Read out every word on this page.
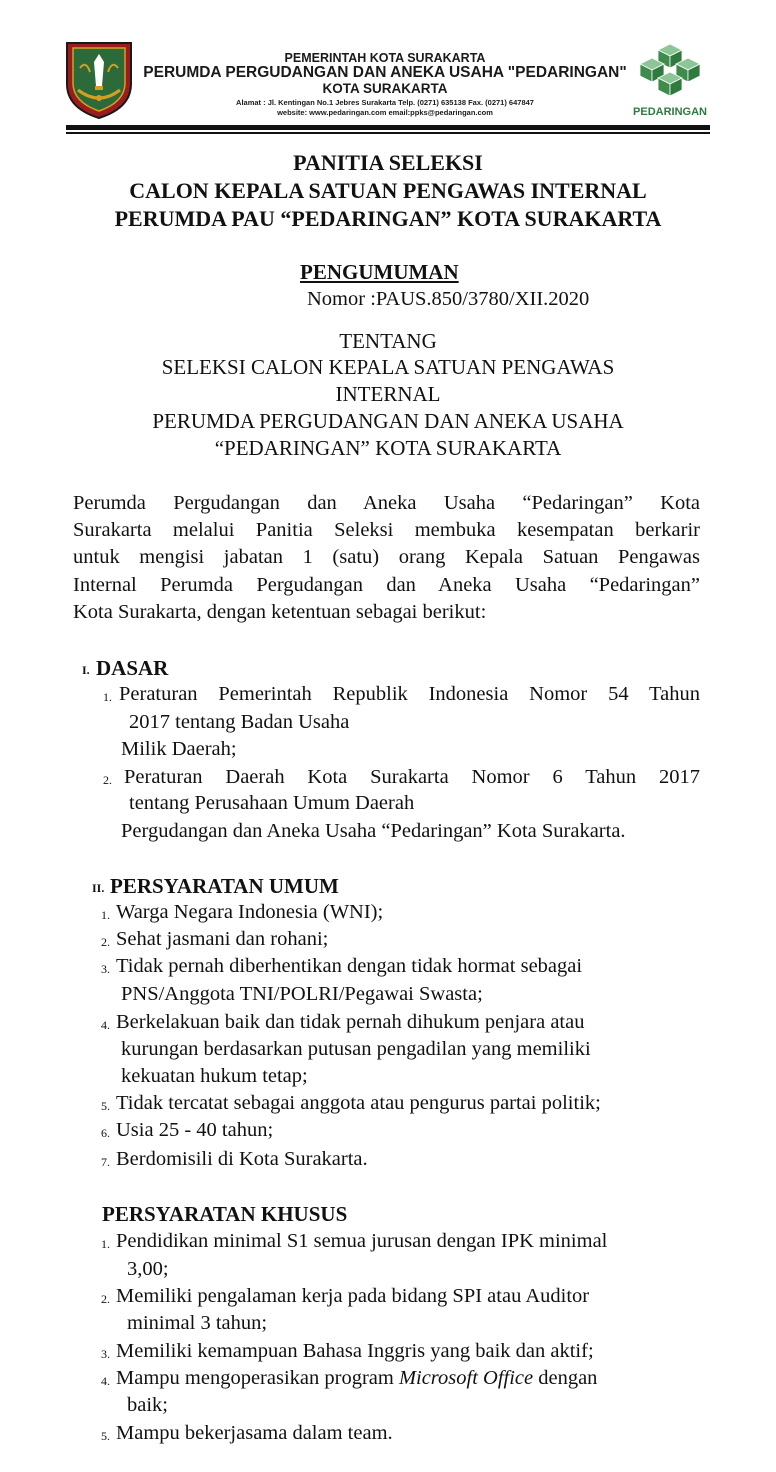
PEMERINTAH KOTA SURAKARTA
PERUMDA PERGUDANGAN DAN ANEKA USAHA "PEDARINGAN"
KOTA SURAKARTA
Alamat : Jl. Kentingan No.1 Jebres Surakarta Telp. (0271) 635138 Fax. (0271) 647847
website: www.pedaringan.com email:ppks@pedaringan.com	PEDARINGAN
PANITIA SELEKSI
CALON KEPALA SATUAN PENGAWAS INTERNAL
PERUMDA PAU “PEDARINGAN” KOTA SURAKARTA
PENGUMUMAN
Nomor :PAUS.850/3780/XII.2020
TENTANG
SELEKSI CALON KEPALA SATUAN PENGAWAS
INTERNAL
PERUMDA PERGUDANGAN DAN ANEKA USAHA
“PEDARINGAN” KOTA SURAKARTA
Perumda Pergudangan dan Aneka Usaha “Pedaringan” Kota
Surakarta melalui Panitia Seleksi membuka kesempatan berkarir
untuk mengisi jabatan 1 (satu) orang Kepala Satuan Pengawas
Internal Perumda Pergudangan dan Aneka Usaha “Pedaringan”
Kota Surakarta, dengan ketentuan sebagai berikut:
I. DASAR
1. Peraturan Pemerintah Republik Indonesia Nomor 54 Tahun
2017 tentang Badan Usaha
Milik Daerah;
2. Peraturan Daerah Kota Surakarta Nomor 6 Tahun 2017
tentang Perusahaan Umum Daerah
Pergudangan dan Aneka Usaha “Pedaringan” Kota Surakarta.
II. PERSYARATAN UMUM
1. Warga Negara Indonesia (WNI);
2. Sehat jasmani dan rohani;
3. Tidak pernah diberhentikan dengan tidak hormat sebagai
PNS/Anggota TNI/POLRI/Pegawai Swasta;
4. Berkelakuan baik dan tidak pernah dihukum penjara atau
kurungan berdasarkan putusan pengadilan yang memiliki
kekuatan hukum tetap;
5. Tidak tercatat sebagai anggota atau pengurus partai politik;
6. Usia 25 - 40 tahun;
7. Berdomisili di Kota Surakarta.
PERSYARATAN KHUSUS
1. Pendidikan minimal S1 semua jurusan dengan IPK minimal
3,00;
2. Memiliki pengalaman kerja pada bidang SPI atau Auditor
minimal 3 tahun;
3. Memiliki kemampuan Bahasa Inggris yang baik dan aktif;
4. Mampu mengoperasikan program Microsoft Office dengan
baik;
5. Mampu bekerjasama dalam team.
